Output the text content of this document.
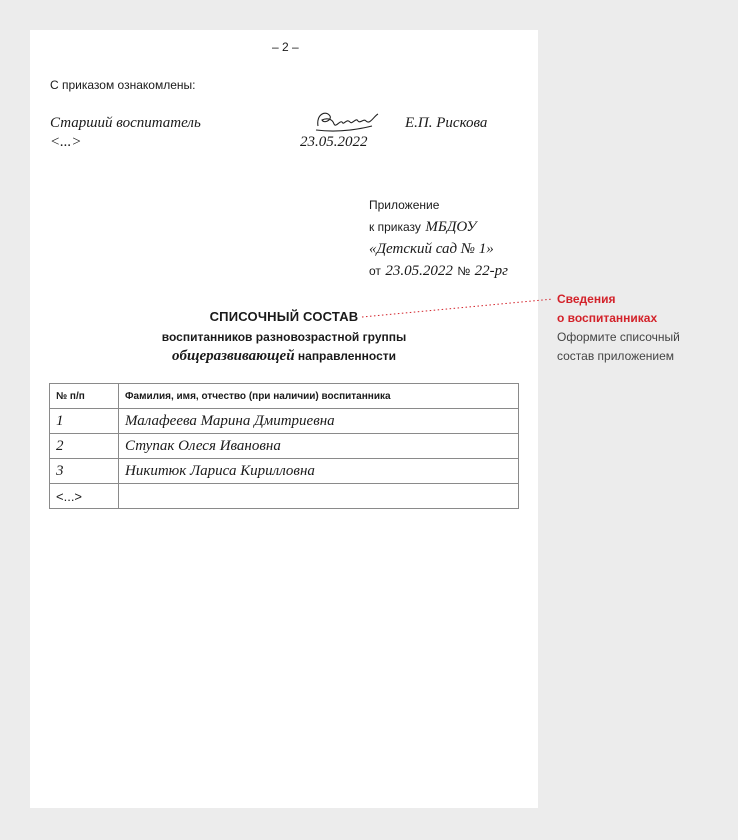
– 2 –
С приказом ознакомлены:
Старший воспитатель
<...>	23.05.2022
Е.П. Рискова
Приложение
к приказу МБДОУ
«Детский сад № 1»
от 23.05.2022 № 22-рг
СПИСОЧНЫЙ СОСТАВ
воспитанников разновозрастной группы
общеразвивающей направленности
№ п/п	Фамилия, имя, отчество (при наличии) воспитанника
1	Малафеева Марина Дмитриевна
2	Ступак Олеся Ивановна
3	Никитюк Лариса Кирилловна
<...>	
Сведения
о воспитанниках
Оформите списочный
состав приложением
